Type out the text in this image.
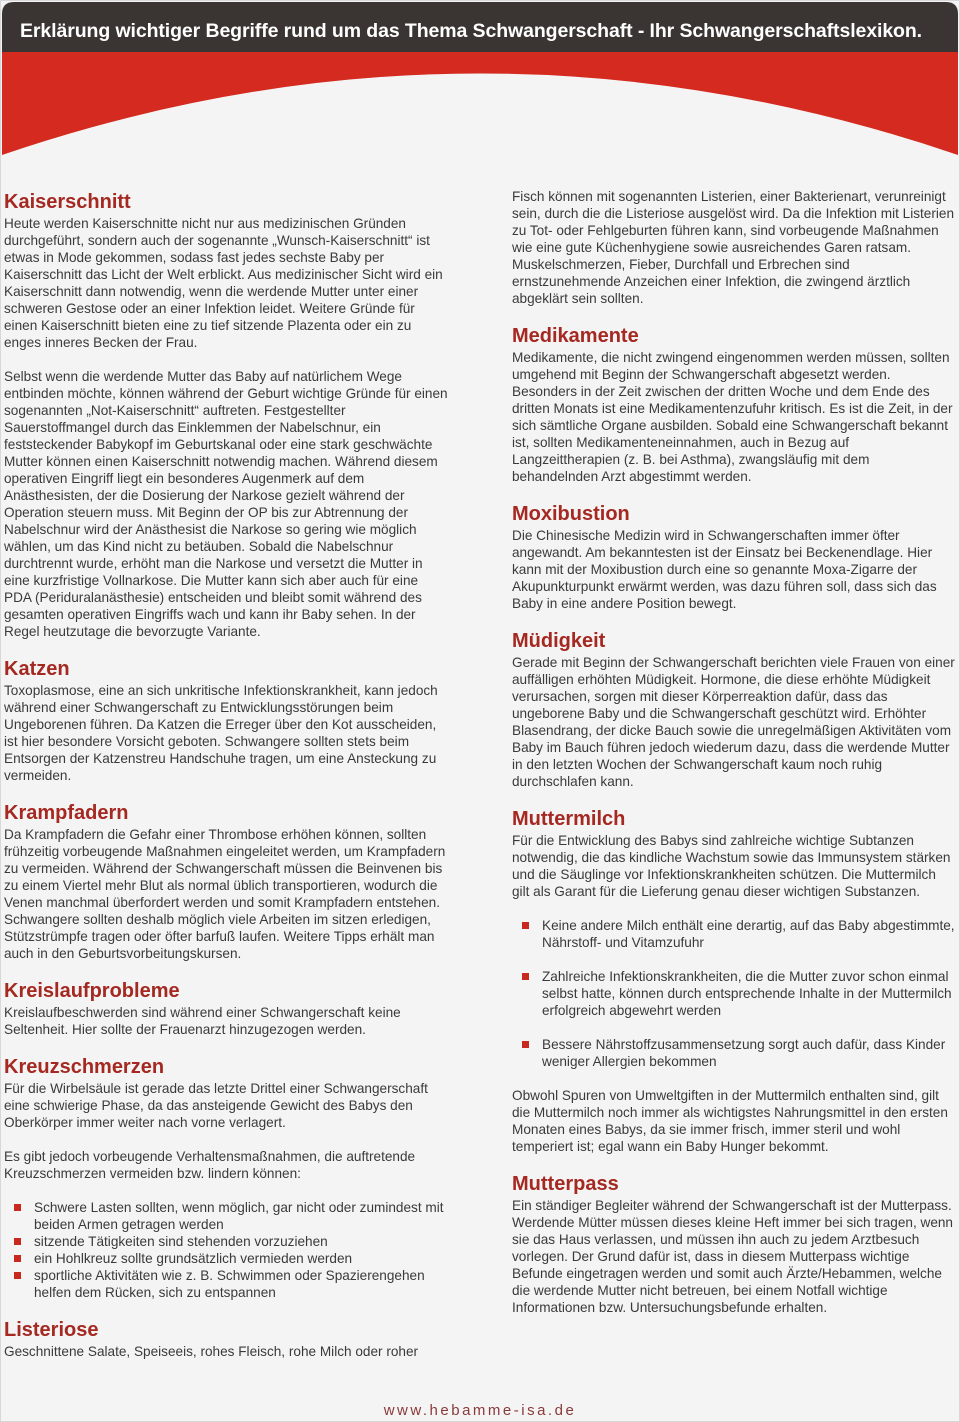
Erklärung wichtiger Begriffe rund um das Thema Schwangerschaft - Ihr Schwangerschaftslexikon.
Kaiserschnitt

Heute werden Kaiserschnitte nicht nur aus medizinischen Gründen durchgeführt, sondern auch der sogenannte „Wunsch-Kaiserschnitt“ ist etwas in Mode gekommen, sodass fast jedes sechste Baby per Kaiserschnitt das Licht der Welt erblickt. Aus medizinischer Sicht wird ein Kaiserschnitt dann notwendig, wenn die werdende Mutter unter einer schweren Gestose oder an einer Infektion leidet. Weitere Gründe für einen Kaiserschnitt bieten eine zu tief sitzende Plazenta oder ein zu enges inneres Becken der Frau.

Selbst wenn die werdende Mutter das Baby auf natürlichem Wege entbinden möchte, können während der Geburt wichtige Gründe für einen sogenannten „Not-Kaiserschnitt“ auftreten. Festgestellter Sauerstoffmangel durch das Einklemmen der Nabelschnur, ein feststeckender Babykopf im Geburtskanal oder eine stark geschwächte Mutter können einen Kaiserschnitt notwendig machen. Während diesem operativen Eingriff liegt ein besonderes Augenmerk auf dem Anästhesisten, der die Dosierung der Narkose gezielt während der Operation steuern muss. Mit Beginn der OP bis zur Abtrennung der Nabelschnur wird der Anästhesist die Narkose so gering wie möglich wählen, um das Kind nicht zu betäuben. Sobald die Nabelschnur durchtrennt wurde, erhöht man die Narkose und versetzt die Mutter in eine kurzfristige Vollnarkose. Die Mutter kann sich aber auch für eine PDA (Periduralanästhesie) entscheiden und bleibt somit während des gesamten operativen Eingriffs wach und kann ihr Baby sehen. In der Regel heutzutage die bevorzugte Variante.

Katzen

Toxoplasmose, eine an sich unkritische Infektionskrankheit, kann jedoch während einer Schwangerschaft zu Entwicklungsstörungen beim Ungeborenen führen. Da Katzen die Erreger über den Kot ausscheiden, ist hier besondere Vorsicht geboten. Schwangere sollten stets beim Entsorgen der Katzenstreu Handschuhe tragen, um eine Ansteckung zu vermeiden.

Krampfadern

Da Krampfadern die Gefahr einer Thrombose erhöhen können, sollten frühzeitig vorbeugende Maßnahmen eingeleitet werden, um Krampfadern zu vermeiden. Während der Schwangerschaft müssen die Beinvenen bis zu einem Viertel mehr Blut als normal üblich transportieren, wodurch die Venen manchmal überfordert werden und somit Krampfadern entstehen. Schwangere sollten deshalb möglich viele Arbeiten im sitzen erledigen, Stützstrümpfe tragen oder öfter barfuß laufen. Weitere Tipps erhält man auch in den Geburtsvorbeitungskursen.

Kreislaufprobleme

Kreislaufbeschwerden sind während einer Schwangerschaft keine Seltenheit. Hier sollte der Frauenarzt hinzugezogen werden.

Kreuzschmerzen

Für die Wirbelsäule ist gerade das letzte Drittel einer Schwangerschaft eine schwierige Phase, da das ansteigende Gewicht des Babys den Oberkörper immer weiter nach vorne verlagert.

Es gibt jedoch vorbeugende Verhaltensmaßnahmen, die auftretende Kreuzschmerzen vermeiden bzw. lindern können:

Schwere Lasten sollten, wenn möglich, gar nicht oder zumindest mit beiden Armen getragen werden
sitzende Tätigkeiten sind stehenden vorzuziehen
ein Hohlkreuz sollte grundsätzlich vermieden werden
sportliche Aktivitäten wie z. B. Schwimmen oder Spazierengehen helfen dem Rücken, sich zu entspannen
Listeriose

Geschnittene Salate, Speiseeis, rohes Fleisch, rohe Milch oder roher

Fisch können mit sogenannten Listerien, einer Bakterienart, verunreinigt sein, durch die die Listeriose ausgelöst wird. Da die Infektion mit Listerien zu Tot- oder Fehlgeburten führen kann, sind vorbeugende Maßnahmen wie eine gute Küchenhygiene sowie ausreichendes Garen ratsam. Muskelschmerzen, Fieber, Durchfall und Erbrechen sind ernstzunehmende Anzeichen einer Infektion, die zwingend ärztlich abgeklärt sein sollten.

Medikamente

Medikamente, die nicht zwingend eingenommen werden müssen, sollten umgehend mit Beginn der Schwangerschaft abgesetzt werden. Besonders in der Zeit zwischen der dritten Woche und dem Ende des dritten Monats ist eine Medikamentenzufuhr kritisch. Es ist die Zeit, in der sich sämtliche Organe ausbilden. Sobald eine Schwangerschaft bekannt ist, sollten Medikamenteneinnahmen, auch in Bezug auf Langzeittherapien (z. B. bei Asthma), zwangsläufig mit dem behandelnden Arzt abgestimmt werden.

Moxibustion

Die Chinesische Medizin wird in Schwangerschaften immer öfter angewandt. Am bekanntesten ist der Einsatz bei Beckenendlage. Hier kann mit der Moxibustion durch eine so genannte Moxa-Zigarre der Akupunkturpunkt erwärmt werden, was dazu führen soll, dass sich das Baby in eine andere Position bewegt.

Müdigkeit

Gerade mit Beginn der Schwangerschaft berichten viele Frauen von einer auffälligen erhöhten Müdigkeit. Hormone, die diese erhöhte Müdigkeit verursachen, sorgen mit dieser Körperreaktion dafür, dass das ungeborene Baby und die Schwangerschaft geschützt wird. Erhöhter Blasendrang, der dicke Bauch sowie die unregelmäßigen Aktivitäten vom Baby im Bauch führen jedoch wiederum dazu, dass die werdende Mutter in den letzten Wochen der Schwangerschaft kaum noch ruhig durchschlafen kann.

Muttermilch

Für die Entwicklung des Babys sind zahlreiche wichtige Subtanzen notwendig, die das kindliche Wachstum sowie das Immunsystem stärken und die Säuglinge vor Infektionskrankheiten schützen. Die Muttermilch gilt als Garant für die Lieferung genau dieser wichtigen Substanzen.

Keine andere Milch enthält eine derartig, auf das Baby abgestimmte, Nährstoff- und Vitamzufuhr
Zahlreiche Infektionskrankheiten, die die Mutter zuvor schon einmal selbst hatte, können durch entsprechende Inhalte in der Muttermilch erfolgreich abgewehrt werden
Bessere Nährstoffzusammensetzung sorgt auch dafür, dass Kinder weniger Allergien bekommen

Obwohl Spuren von Umweltgiften in der Muttermilch enthalten sind, gilt die Muttermilch noch immer als wichtigstes Nahrungsmittel in den ersten Monaten eines Babys, da sie immer frisch, immer steril und wohl temperiert ist; egal wann ein Baby Hunger bekommt.

Mutterpass

Ein ständiger Begleiter während der Schwangerschaft ist der Mutterpass. Werdende Mütter müssen dieses kleine Heft immer bei sich tragen, wenn sie das Haus verlassen, und müssen ihn auch zu jedem Arztbesuch vorlegen. Der Grund dafür ist, dass in diesem Mutterpass wichtige Befunde eingetragen werden und somit auch Ärzte/Hebammen, welche die werdende Mutter nicht betreuen, bei einem Notfall wichtige Informationen bzw. Untersuchungsbefunde erhalten.

www.hebamme-isa.de
